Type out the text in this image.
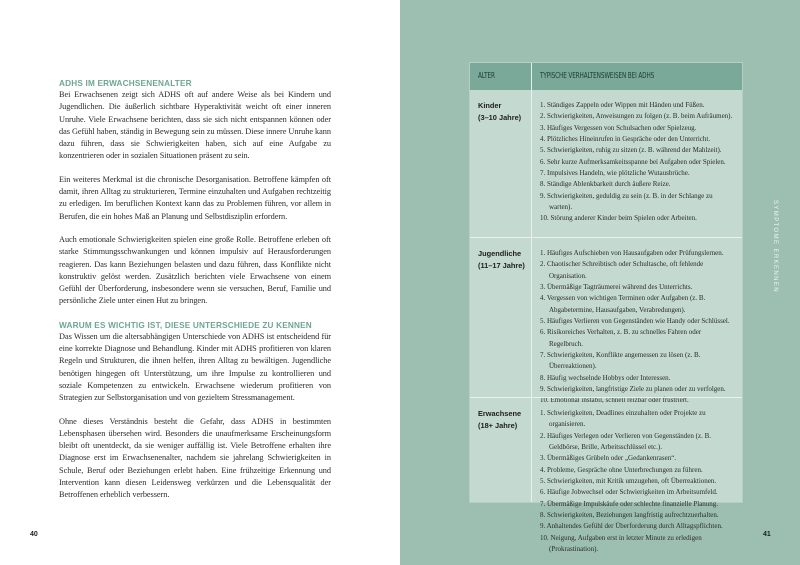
ADHS IM ERWACHSENENALTER

Bei Erwachsenen zeigt sich ADHS oft auf andere Weise als bei Kindern und Jugendlichen. Die äußerlich sichtbare Hyperaktivität weicht oft einer inneren Unruhe. Viele Erwachsene berichten, dass sie sich nicht entspannen können oder das Gefühl haben, ständig in Bewegung sein zu müssen. Diese innere Unruhe kann dazu führen, dass sie Schwierigkeiten haben, sich auf eine Aufgabe zu konzentrieren oder in sozialen Situationen präsent zu sein.

Ein weiteres Merkmal ist die chronische Desorganisation. Betroffene kämpfen oft damit, ihren Alltag zu strukturieren, Termine einzuhalten und Aufgaben rechtzeitig zu erledigen. Im beruflichen Kontext kann das zu Problemen führen, vor allem in Berufen, die ein hohes Maß an Planung und Selbstdisziplin erfordern.

Auch emotionale Schwierigkeiten spielen eine große Rolle. Betroffene erleben oft starke Stimmungsschwankungen und können impulsiv auf Herausforderungen reagieren. Das kann Beziehungen belasten und dazu führen, dass Konflikte nicht konstruktiv gelöst werden. Zusätzlich berichten viele Erwachsene von einem Gefühl der Überforderung, insbesondere wenn sie versuchen, Beruf, Familie und persönliche Ziele unter einen Hut zu bringen.

WARUM ES WICHTIG IST, DIESE UNTERSCHIEDE ZU KENNEN

Das Wissen um die altersabhängigen Unterschiede von ADHS ist entscheidend für eine korrekte Diagnose und Behandlung. Kinder mit ADHS profitieren von klaren Regeln und Strukturen, die ihnen helfen, ihren Alltag zu bewältigen. Jugendliche benötigen hingegen oft Unterstützung, um ihre Impulse zu kontrollieren und soziale Kompetenzen zu entwickeln. Erwachsene wiederum profitieren von Strategien zur Selbstorganisation und von gezieltem Stressmanagement.

Ohne dieses Verständnis besteht die Gefahr, dass ADHS in bestimmten Lebensphasen übersehen wird. Besonders die unaufmerksame Erscheinungsform bleibt oft unentdeckt, da sie weniger auffällig ist. Viele Betroffene erhalten ihre Diagnose erst im Erwachsenenalter, nachdem sie jahrelang Schwierigkeiten in Schule, Beruf oder Beziehungen erlebt haben. Eine frühzeitige Erkennung und Intervention kann diesen Leidensweg verkürzen und die Lebensqualität der Betroffenen erheblich verbessern.

40
ALTER	TYPISCHE VERHALTENSWEISEN BEI ADHS
Kinder
(3–10 Jahre)
1. Ständiges Zappeln oder Wippen mit Händen und Füßen.
2. Schwierigkeiten, Anweisungen zu folgen (z. B. beim Aufräumen).
3. Häufiges Vergessen von Schulsachen oder Spielzeug.
4. Plötzliches Hineinrufen in Gespräche oder den Unterricht.
5. Schwierigkeiten, ruhig zu sitzen (z. B. während der Mahlzeit).
6. Sehr kurze Aufmerksamkeitsspanne bei Aufgaben oder Spielen.
7. Impulsives Handeln, wie plötzliche Wutausbrüche.
8. Ständige Ablenkbarkeit durch äußere Reize.
9. Schwierigkeiten, geduldig zu sein (z. B. in der Schlange zu warten).
10. Störung anderer Kinder beim Spielen oder Arbeiten.
Jugendliche
(11–17 Jahre)
1. Häufiges Aufschieben von Hausaufgaben oder Prüfungslernen.
2. Chaotischer Schreibtisch oder Schultasche, oft fehlende Organisation.
3. Übermäßige Tagträumerei während des Unterrichts.
4. Vergessen von wichtigen Terminen oder Aufgaben (z. B. Abgabetermine, Hausaufgaben, Verabredungen).
5. Häufiges Verlieren von Gegenständen wie Handy oder Schlüssel.
6. Risikoreiches Verhalten, z. B. zu schnelles Fahren oder Regelbruch.
7. Schwierigkeiten, Konflikte angemessen zu lösen (z. B. Überreaktionen).
8. Häufig wechselnde Hobbys oder Interessen.
9. Schwierigkeiten, langfristige Ziele zu planen oder zu verfolgen.
10. Emotional instabil, schnell reizbar oder frustriert.
Erwachsene
(18+ Jahre)
1. Schwierigkeiten, Deadlines einzuhalten oder Projekte zu organisieren.
2. Häufiges Verlegen oder Verlieren von Gegenständen (z. B. Geldbörse, Brille, Arbeitsschlüssel etc.).
3. Übermäßiges Grübeln oder „Gedankenrasen“.
4. Probleme, Gespräche ohne Unterbrechungen zu führen.
5. Schwierigkeiten, mit Kritik umzugehen, oft Überreaktionen.
6. Häufige Jobwechsel oder Schwierigkeiten im Arbeitsumfeld.
7. Übermäßige Impulskäufe oder schlechte finanzielle Planung.
8. Schwierigkeiten, Beziehungen langfristig aufrechtzuerhalten.
9. Anhaltendes Gefühl der Überforderung durch Alltagspflichten.
10. Neigung, Aufgaben erst in letzter Minute zu erledigen (Prokrastination).
SYMPTOME ERKENNEN
41
